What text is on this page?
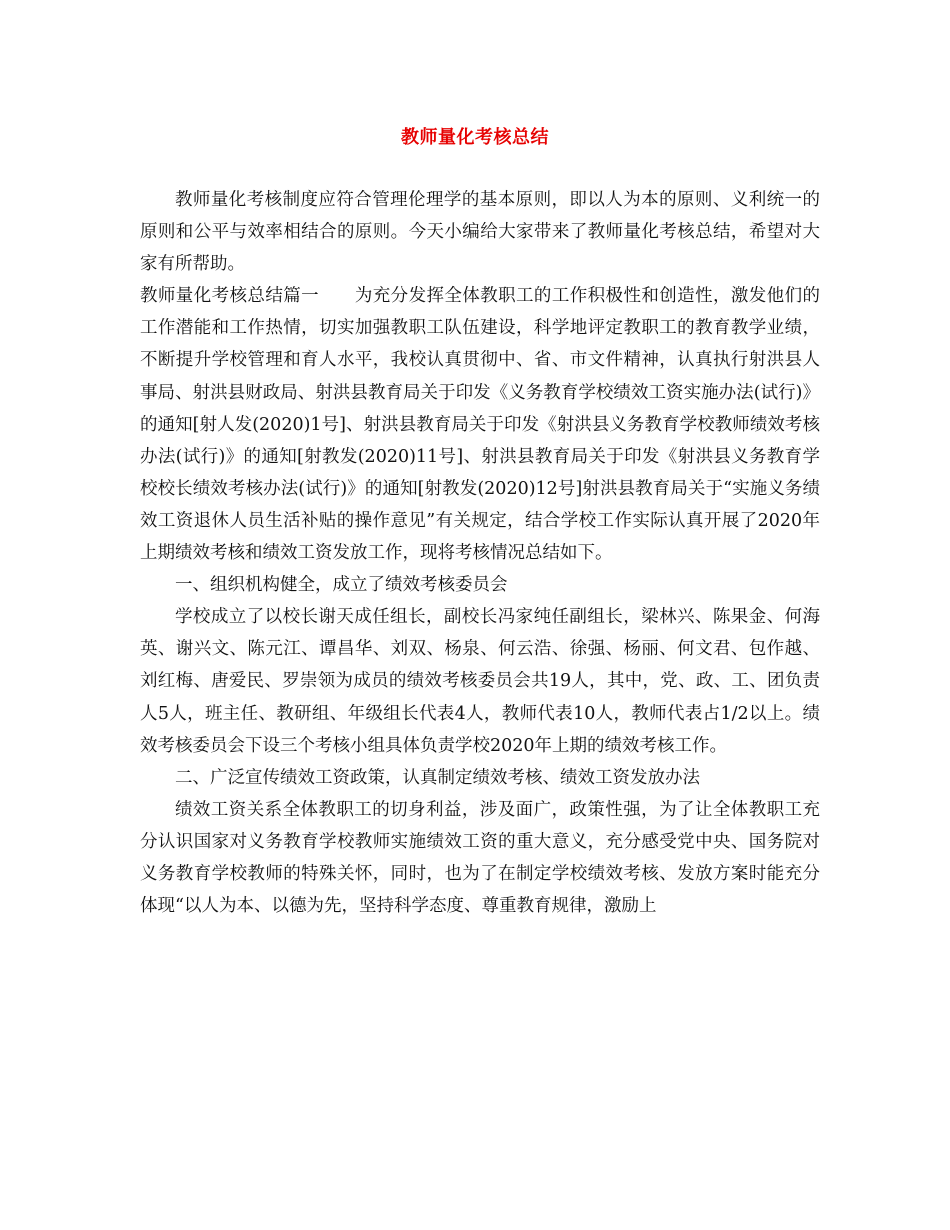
教师量化考核总结

教师量化考核制度应符合管理伦理学的基本原则，即以人为本的原则、义利统一的原则和公平与效率相结合的原则。今天小编给大家带来了教师量化考核总结，希望对大家有所帮助。

教师量化考核总结篇一　　为充分发挥全体教职工的工作积极性和创造性，激发他们的工作潜能和工作热情，切实加强教职工队伍建设，科学地评定教职工的教育教学业绩，不断提升学校管理和育人水平，我校认真贯彻中、省、市文件精神，认真执行射洪县人事局、射洪县财政局、射洪县教育局关于印发《义务教育学校绩效工资实施办法(试行)》的通知[射人发(2020)1号]、射洪县教育局关于印发《射洪县义务教育学校教师绩效考核办法(试行)》的通知[射教发(2020)11号]、射洪县教育局关于印发《射洪县义务教育学校校长绩效考核办法(试行)》的通知[射教发(2020)12号]射洪县教育局关于“实施义务绩效工资退休人员生活补贴的操作意见”有关规定，结合学校工作实际认真开展了2020年上期绩效考核和绩效工资发放工作，现将考核情况总结如下。

一、组织机构健全，成立了绩效考核委员会

学校成立了以校长谢天成任组长，副校长冯家纯任副组长，梁林兴、陈果金、何海英、谢兴文、陈元江、谭昌华、刘双、杨泉、何云浩、徐强、杨丽、何文君、包作越、刘红梅、唐爱民、罗崇领为成员的绩效考核委员会共19人，其中，党、政、工、团负责人5人，班主任、教研组、年级组长代表4人，教师代表10人，教师代表占1/2以上。绩效考核委员会下设三个考核小组具体负责学校2020年上期的绩效考核工作。

二、广泛宣传绩效工资政策，认真制定绩效考核、绩效工资发放办法

绩效工资关系全体教职工的切身利益，涉及面广，政策性强，为了让全体教职工充分认识国家对义务教育学校教师实施绩效工资的重大意义，充分感受党中央、国务院对义务教育学校教师的特殊关怀，同时，也为了在制定学校绩效考核、发放方案时能充分体现“以人为本、以德为先，坚持科学态度、尊重教育规律，激励上
